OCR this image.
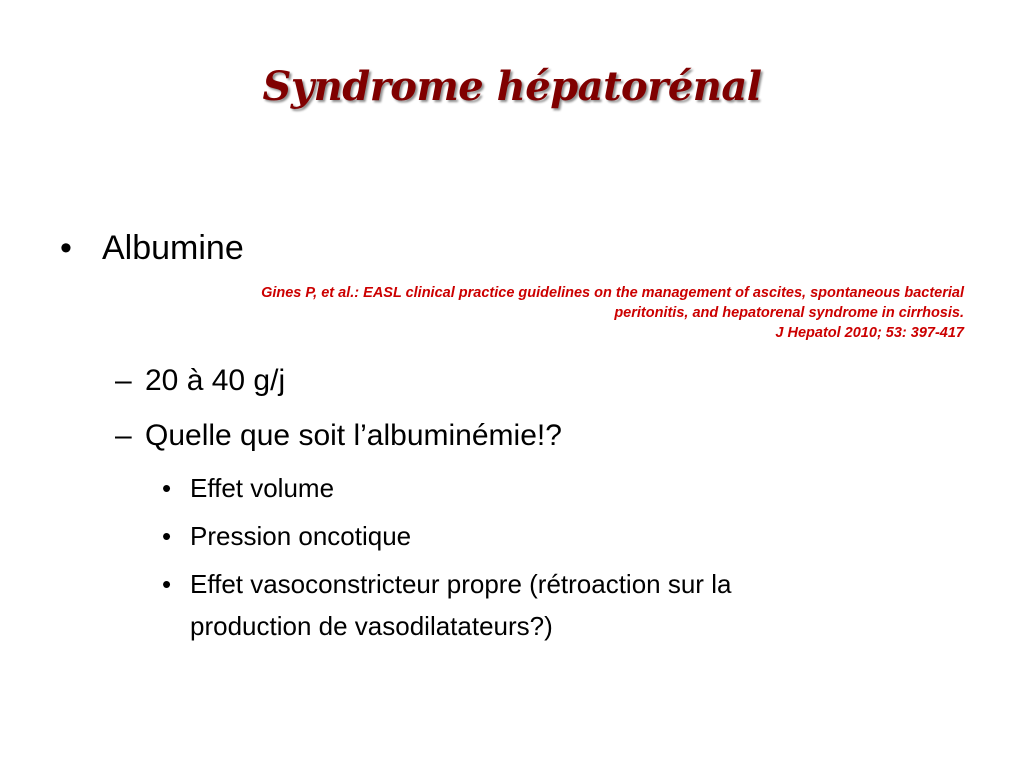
Syndrome hépatorénal
• Albumine
Gines P, et al.: EASL clinical practice guidelines on the management of ascites, spontaneous bacterial
peritonitis, and hepatorenal syndrome in cirrhosis.
J Hepatol 2010; 53: 397-417
– 20 à 40 g/j
– Quelle que soit l’albuminémie!?
• Effet volume
• Pression oncotique
• Effet vasoconstricteur propre (rétroaction sur la
production de vasodilatateurs?)
